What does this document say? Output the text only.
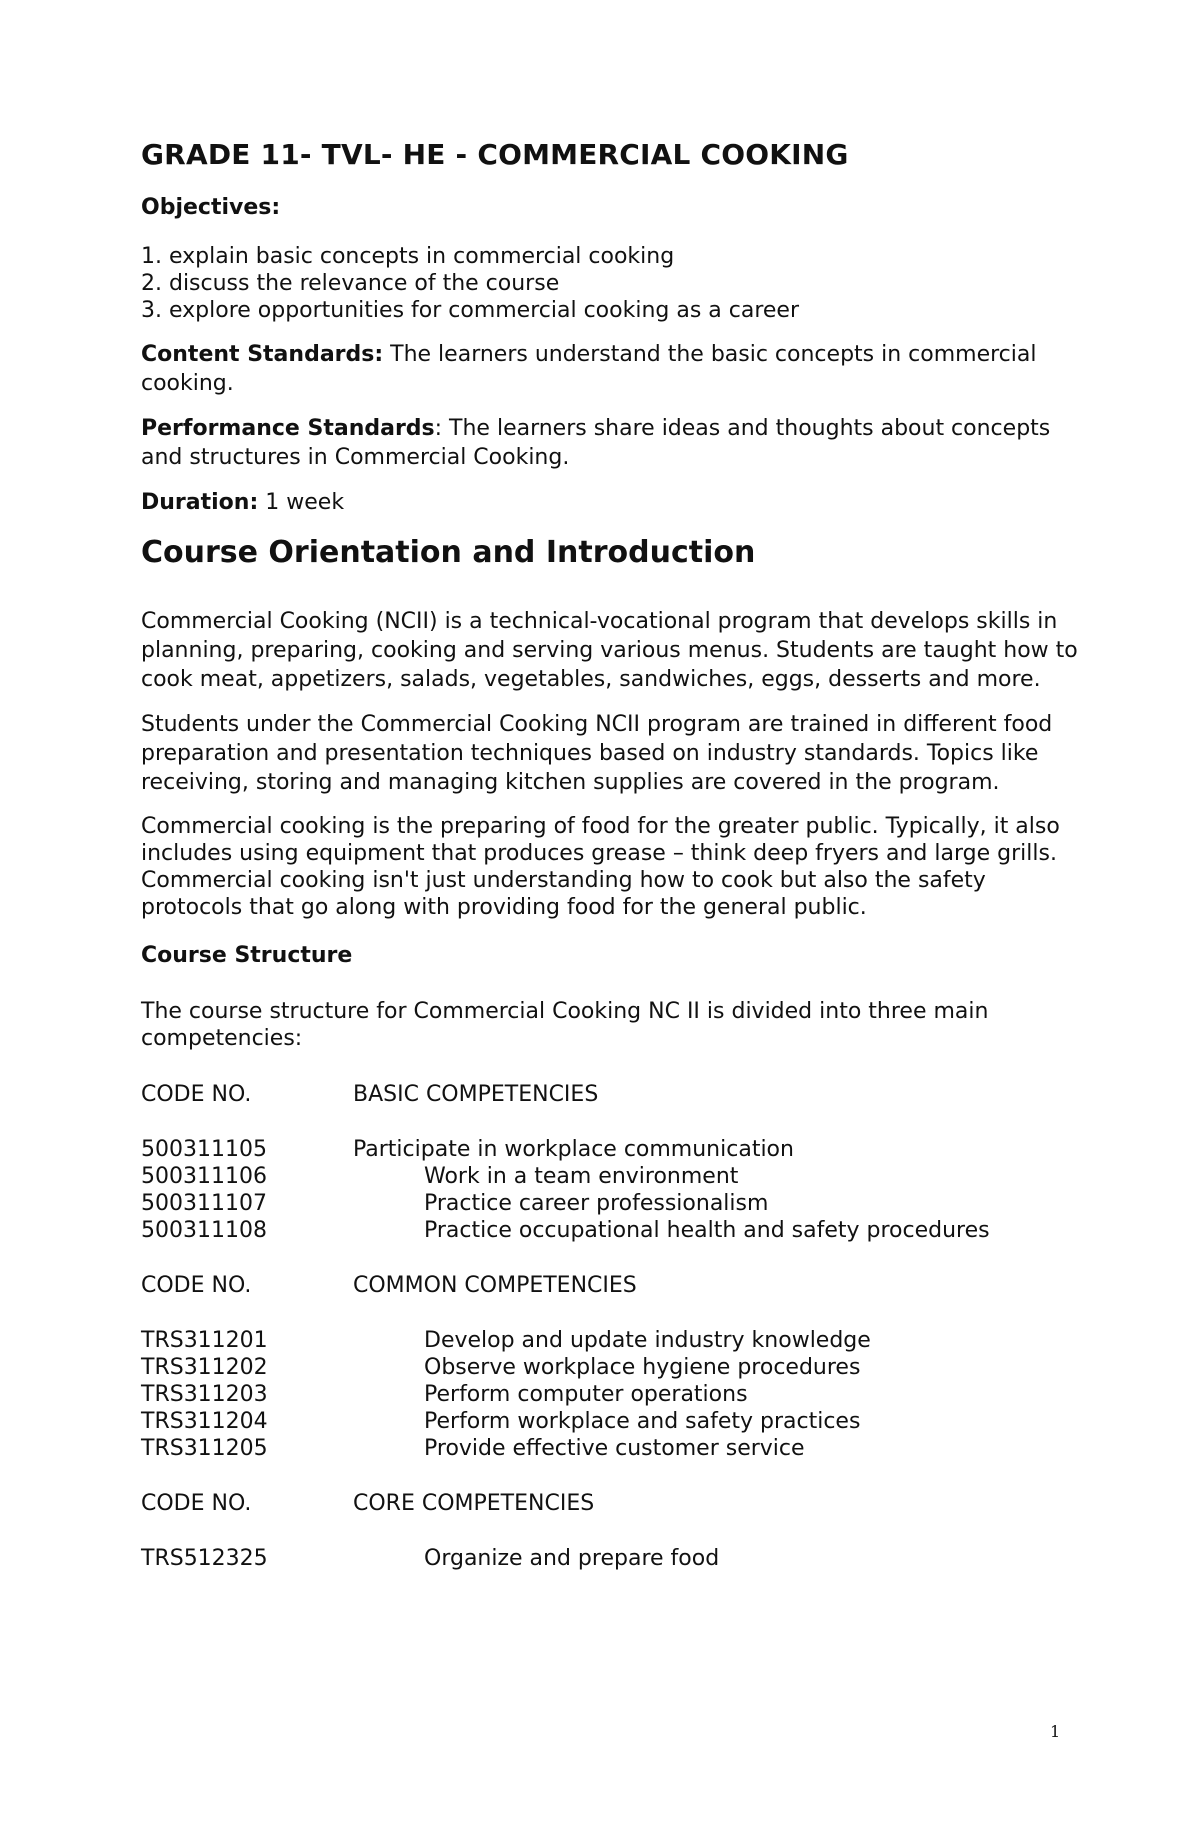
GRADE 11- TVL- HE - COMMERCIAL COOKING
Objectives:
1. explain basic concepts in commercial cooking
2. discuss the relevance of the course
3. explore opportunities for commercial cooking as a career

Content Standards: The learners understand the basic concepts in commercial cooking.

Performance Standards: The learners share ideas and thoughts about concepts and structures in Commercial Cooking.

Duration: 1 week

Course Orientation and Introduction

Commercial Cooking (NCII) is a technical-vocational program that develops skills in planning, preparing, cooking and serving various menus. Students are taught how to cook meat, appetizers, salads, vegetables, sandwiches, eggs, desserts and more.

Students under the Commercial Cooking NCII program are trained in different food preparation and presentation techniques based on industry standards. Topics like receiving, storing and managing kitchen supplies are covered in the program.

Commercial cooking is the preparing of food for the greater public. Typically, it also includes using equipment that produces grease – think deep fryers and large grills. Commercial cooking isn't just understanding how to cook but also the safety protocols that go along with providing food for the general public.

Course Structure

The course structure for Commercial Cooking NC II is divided into three main competencies:

CODE NO.	BASIC COMPETENCIES
500311105	Participate in workplace communication
500311106	Work in a team environment
500311107	Practice career professionalism
500311108	Practice occupational health and safety procedures
CODE NO.	COMMON COMPETENCIES
TRS311201	Develop and update industry knowledge
TRS311202	Observe workplace hygiene procedures
TRS311203	Perform computer operations
TRS311204	Perform workplace and safety practices
TRS311205	Provide effective customer service
CODE NO.	CORE COMPETENCIES
TRS512325	Organize and prepare food
1
